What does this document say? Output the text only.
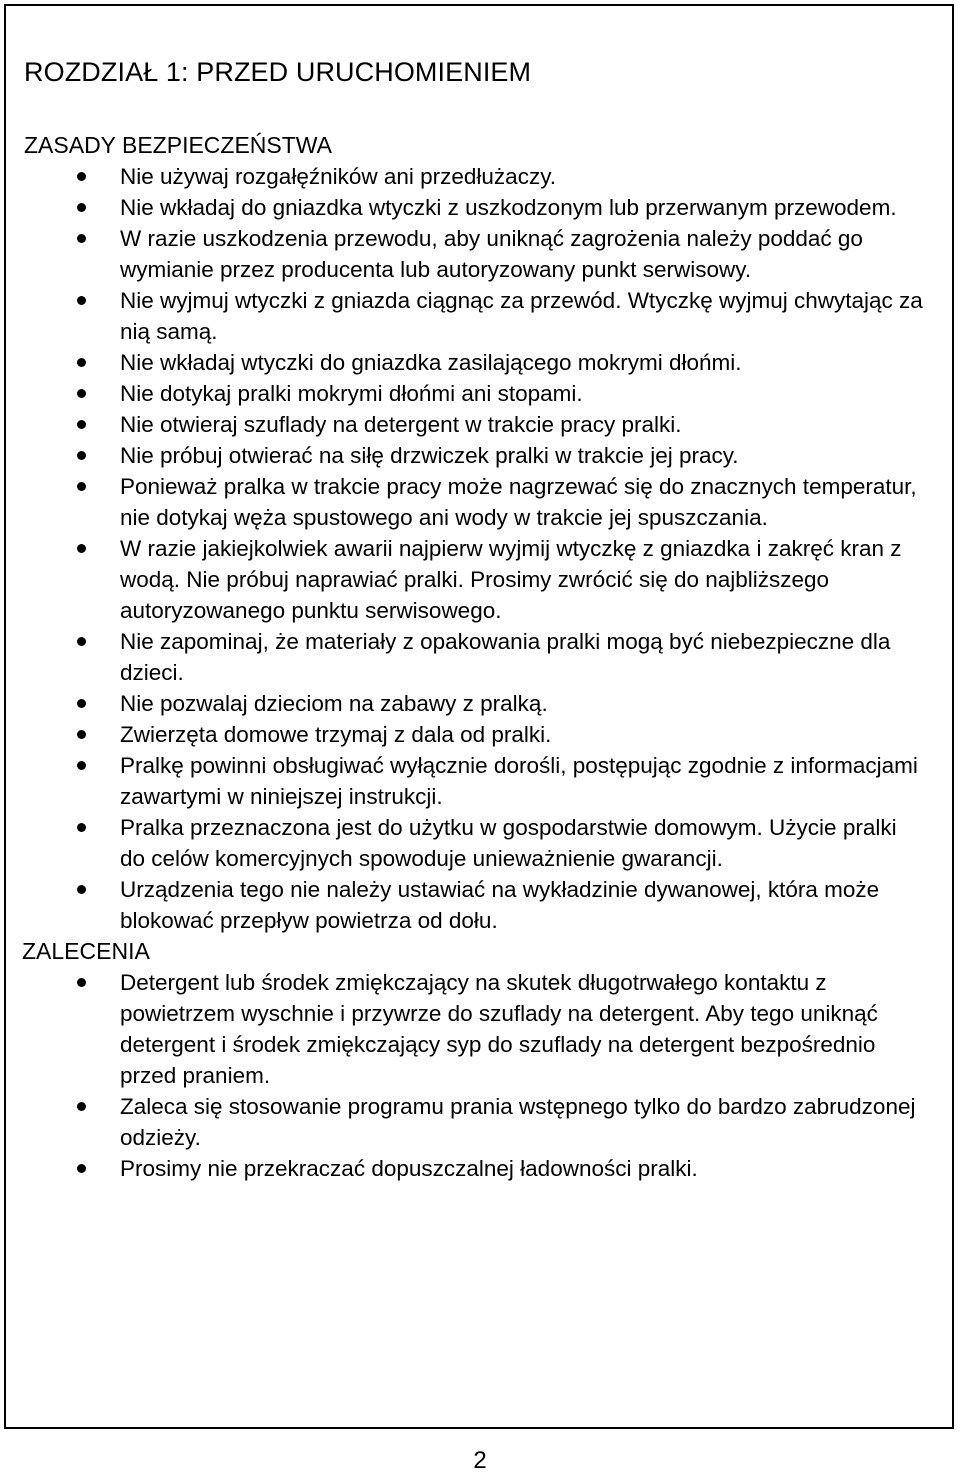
ROZDZIAŁ 1: PRZED URUCHOMIENIEM
ZASADY BEZPIECZEŃSTWA
Nie używaj rozgałęźników ani przedłużaczy.
Nie wkładaj do gniazdka wtyczki z uszkodzonym lub przerwanym przewodem.
W razie uszkodzenia przewodu, aby uniknąć zagrożenia należy poddać go wymianie przez producenta lub autoryzowany punkt serwisowy.
Nie wyjmuj wtyczki z gniazda ciągnąc za przewód. Wtyczkę wyjmuj chwytając za nią samą.
Nie wkładaj wtyczki do gniazdka zasilającego mokrymi dłońmi.
Nie dotykaj pralki mokrymi dłońmi ani stopami.
Nie otwieraj szuflady na detergent w trakcie pracy pralki.
Nie próbuj otwierać na siłę drzwiczek pralki w trakcie jej pracy.
Ponieważ pralka w trakcie pracy może nagrzewać się do znacznych temperatur, nie dotykaj węża spustowego ani wody w trakcie jej spuszczania.
W razie jakiejkolwiek awarii najpierw wyjmij wtyczkę z gniazdka i zakręć kran z wodą. Nie próbuj naprawiać pralki. Prosimy zwrócić się do najbliższego autoryzowanego punktu serwisowego.
Nie zapominaj, że materiały z opakowania pralki mogą być niebezpieczne dla dzieci.
Nie pozwalaj dzieciom na zabawy z pralką.
Zwierzęta domowe trzymaj z dala od pralki.
Pralkę powinni obsługiwać wyłącznie dorośli, postępując zgodnie z informacjami zawartymi w niniejszej instrukcji.
Pralka przeznaczona jest do użytku w gospodarstwie domowym. Użycie pralki do celów komercyjnych spowoduje unieważnienie gwarancji.
Urządzenia tego nie należy ustawiać na wykładzinie dywanowej, która może blokować przepływ powietrza od dołu.
ZALECENIA
Detergent lub środek zmiękczający na skutek długotrwałego kontaktu z powietrzem wyschnie i przywrze do szuflady na detergent. Aby tego uniknąć detergent i środek zmiękczający syp do szuflady na detergent bezpośrednio przed praniem.
Zaleca się stosowanie programu prania wstępnego tylko do bardzo zabrudzonej odzieży.
Prosimy nie przekraczać dopuszczalnej ładowności pralki.
2
